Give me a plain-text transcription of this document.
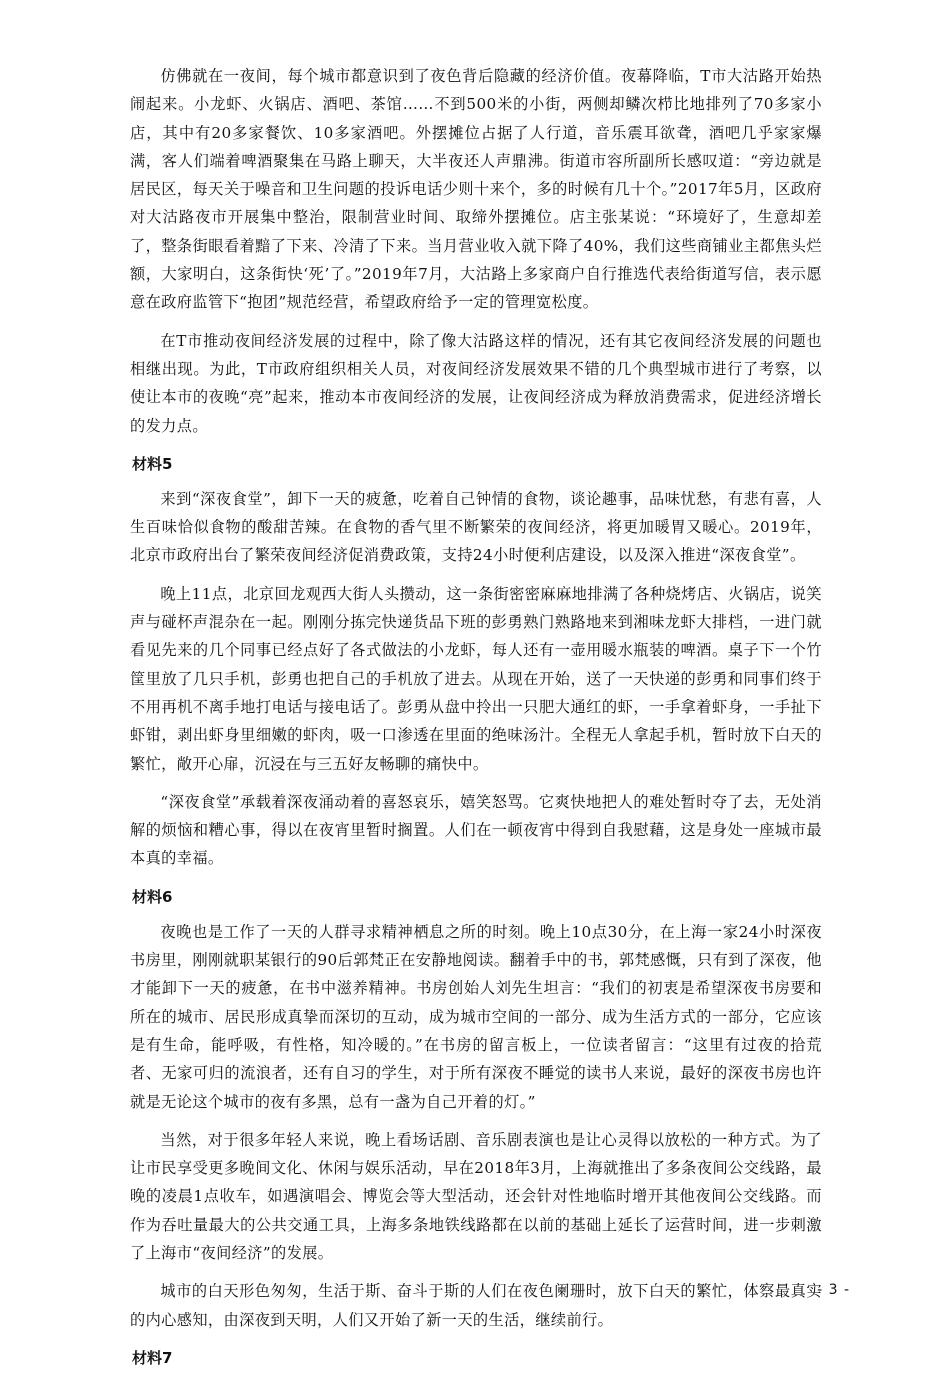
仿佛就在一夜间，每个城市都意识到了夜色背后隐藏的经济价值。夜幕降临，T市大沽路开始热闹起来。小龙虾、火锅店、酒吧、茶馆……不到500米的小街，两侧却鳞次栉比地排列了70多家小店，其中有20多家餐饮、10多家酒吧。外摆摊位占据了人行道，音乐震耳欲聋，酒吧几乎家家爆满，客人们端着啤酒聚集在马路上聊天，大半夜还人声鼎沸。街道市容所副所长感叹道：“旁边就是居民区，每天关于噪音和卫生问题的投诉电话少则十来个，多的时候有几十个。”2017年5月，区政府对大沽路夜市开展集中整治，限制营业时间、取缔外摆摊位。店主张某说：“环境好了，生意却差了，整条街眼看着黯了下来、冷清了下来。当月营业收入就下降了40%，我们这些商铺业主都焦头烂额，大家明白，这条街快‘死’了。”2019年7月，大沽路上多家商户自行推选代表给街道写信，表示愿意在政府监管下“抱团”规范经营，希望政府给予一定的管理宽松度。

在T市推动夜间经济发展的过程中，除了像大沽路这样的情况，还有其它夜间经济发展的问题也相继出现。为此，T市政府组织相关人员，对夜间经济发展效果不错的几个典型城市进行了考察，以使让本市的夜晚“亮”起来，推动本市夜间经济的发展，让夜间经济成为释放消费需求，促进经济增长的发力点。

材料5

来到“深夜食堂”，卸下一天的疲惫，吃着自己钟情的食物，谈论趣事，品味忧愁，有悲有喜，人生百味恰似食物的酸甜苦辣。在食物的香气里不断繁荣的夜间经济，将更加暖胃又暖心。2019年，北京市政府出台了繁荣夜间经济促消费政策，支持24小时便利店建设，以及深入推进“深夜食堂”。

晚上11点，北京回龙观西大街人头攒动，这一条街密密麻麻地排满了各种烧烤店、火锅店，说笑声与碰杯声混杂在一起。刚刚分拣完快递货品下班的彭勇熟门熟路地来到湘味龙虾大排档，一进门就看见先来的几个同事已经点好了各式做法的小龙虾，每人还有一壶用暖水瓶装的啤酒。桌子下一个竹筐里放了几只手机，彭勇也把自己的手机放了进去。从现在开始，送了一天快递的彭勇和同事们终于不用再机不离手地打电话与接电话了。彭勇从盘中拎出一只肥大通红的虾，一手拿着虾身，一手扯下虾钳，剥出虾身里细嫩的虾肉，吸一口渗透在里面的绝味汤汁。全程无人拿起手机，暂时放下白天的繁忙，敞开心扉，沉浸在与三五好友畅聊的痛快中。

“深夜食堂”承载着深夜涌动着的喜怒哀乐，嬉笑怒骂。它爽快地把人的难处暂时夺了去，无处消解的烦恼和糟心事，得以在夜宵里暂时搁置。人们在一顿夜宵中得到自我慰藉，这是身处一座城市最本真的幸福。

材料6

夜晚也是工作了一天的人群寻求精神栖息之所的时刻。晚上10点30分，在上海一家24小时深夜书房里，刚刚就职某银行的90后郭梵正在安静地阅读。翻着手中的书，郭梵感慨，只有到了深夜，他才能卸下一天的疲惫，在书中滋养精神。书房创始人刘先生坦言：“我们的初衷是希望深夜书房要和所在的城市、居民形成真挚而深切的互动，成为城市空间的一部分、成为生活方式的一部分，它应该是有生命，能呼吸，有性格，知冷暖的。”在书房的留言板上，一位读者留言：“这里有过夜的拾荒者、无家可归的流浪者，还有自习的学生，对于所有深夜不睡觉的读书人来说，最好的深夜书房也许就是无论这个城市的夜有多黑，总有一盏为自己开着的灯。”

当然，对于很多年轻人来说，晚上看场话剧、音乐剧表演也是让心灵得以放松的一种方式。为了让市民享受更多晚间文化、休闲与娱乐活动，早在2018年3月，上海就推出了多条夜间公交线路，最晚的凌晨1点收车，如遇演唱会、博览会等大型活动，还会针对性地临时增开其他夜间公交线路。而作为吞吐量最大的公共交通工具，上海多条地铁线路都在以前的基础上延长了运营时间，进一步刺激了上海市“夜间经济”的发展。

城市的白天形色匆匆，生活于斯、奋斗于斯的人们在夜色阑珊时，放下白天的繁忙，体察最真实的内心感知，由深夜到天明，人们又开始了新一天的生活，继续前行。

材料7
- 3 -
